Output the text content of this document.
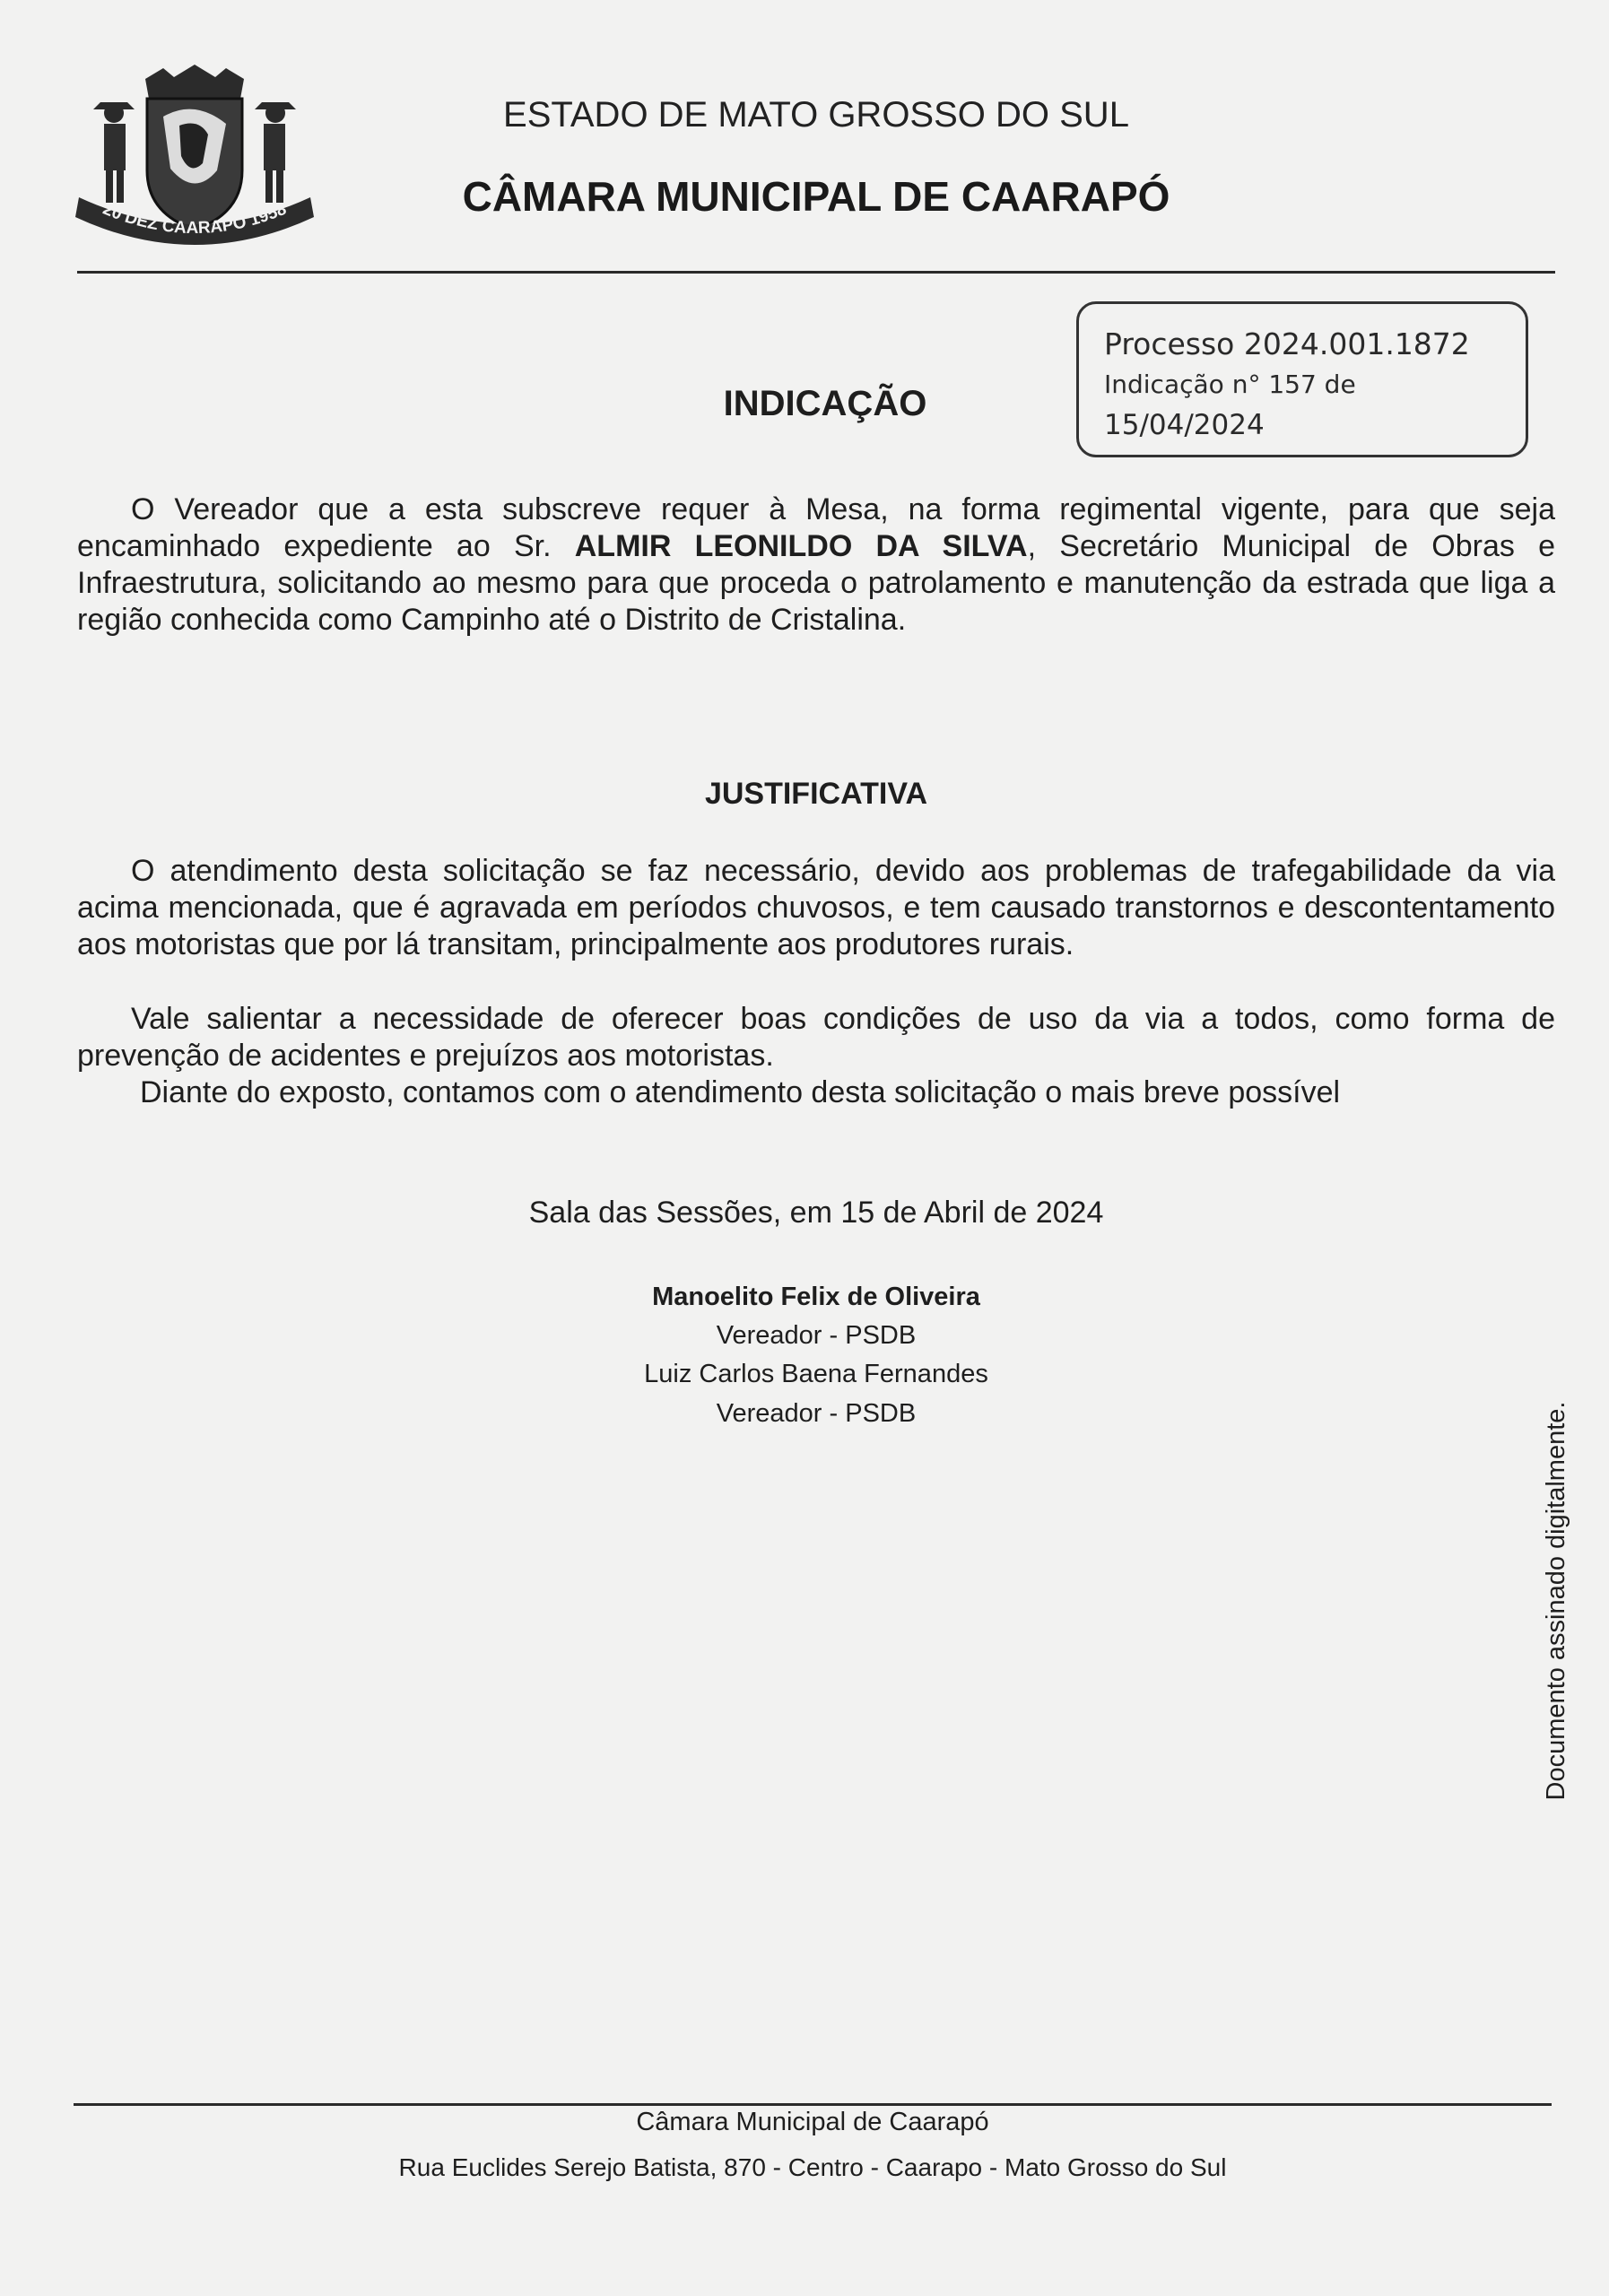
20 DEZ CAARAPÓ 1958
ESTADO DE MATO GROSSO DO SUL
CÂMARA MUNICIPAL DE CAARAPÓ
Processo 2024.001.1872
Indicação n° 157 de
15/04/2024
INDICAÇÃO
O Vereador que a esta subscreve requer à Mesa, na forma regimental vigente, para que seja encaminhado expediente ao Sr. ALMIR LEONILDO DA SILVA, Secretário Municipal de Obras e Infraestrutura, solicitando ao mesmo para que proceda o patrolamento e manutenção da estrada que liga a região conhecida como Campinho até o Distrito de Cristalina.
JUSTIFICATIVA
O atendimento desta solicitação se faz necessário, devido aos problemas de trafegabilidade da via acima mencionada, que é agravada em períodos chuvosos, e tem causado transtornos e descontentamento aos motoristas que por lá transitam, principalmente aos produtores rurais.
Vale salientar a necessidade de oferecer boas condições de uso da via a todos, como forma de prevenção de acidentes e prejuízos aos motoristas.
Diante do exposto, contamos com o atendimento desta solicitação o mais breve possível
Sala das Sessões, em 15 de Abril de 2024
Manoelito Felix de Oliveira
Vereador - PSDB
Luiz Carlos Baena Fernandes
Vereador - PSDB	Documento assinado digitalmente.
Câmara Municipal de Caarapó
Rua Euclides Serejo Batista, 870 - Centro - Caarapo - Mato Grosso do Sul
